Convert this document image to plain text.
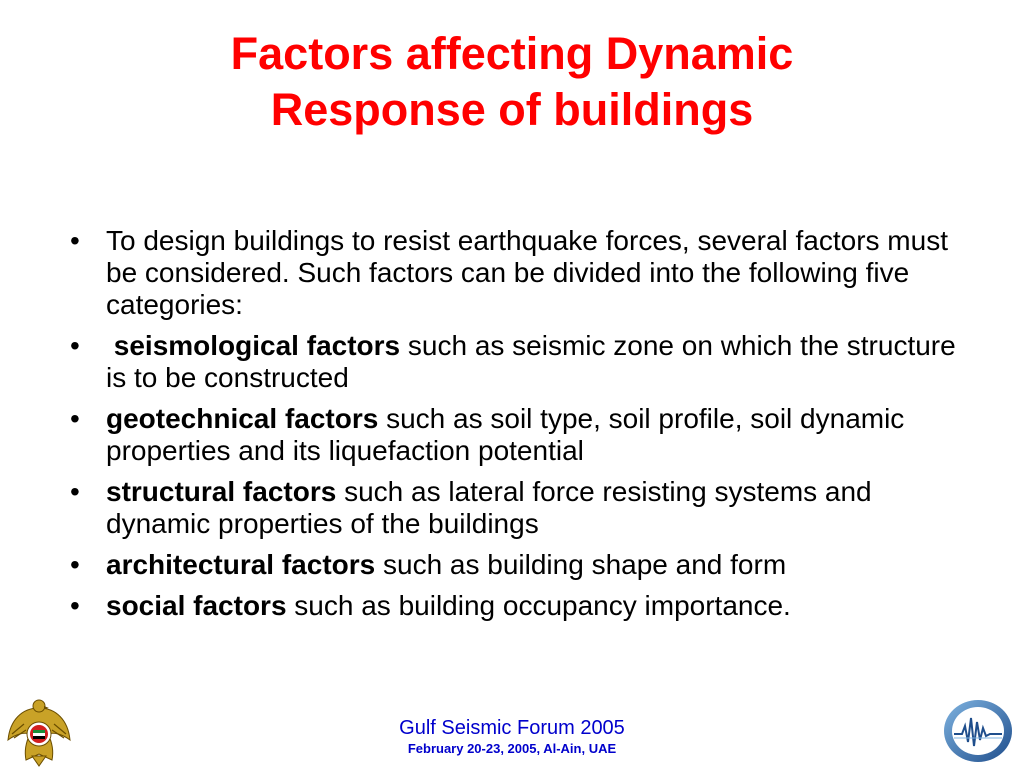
Factors affecting Dynamic
Response of buildings
• To design buildings to resist earthquake forces, several factors must be considered. Such factors can be divided into the following five categories:
• seismological factors such as seismic zone on which the structure is to be constructed
• geotechnical factors such as soil type, soil profile, soil dynamic properties and its liquefaction potential
• structural factors such as lateral force resisting systems and dynamic properties of the buildings
• architectural factors such as building shape and form
• social factors such as building occupancy importance.
Gulf Seismic Forum 2005
February 20-23, 2005, Al-Ain, UAE
